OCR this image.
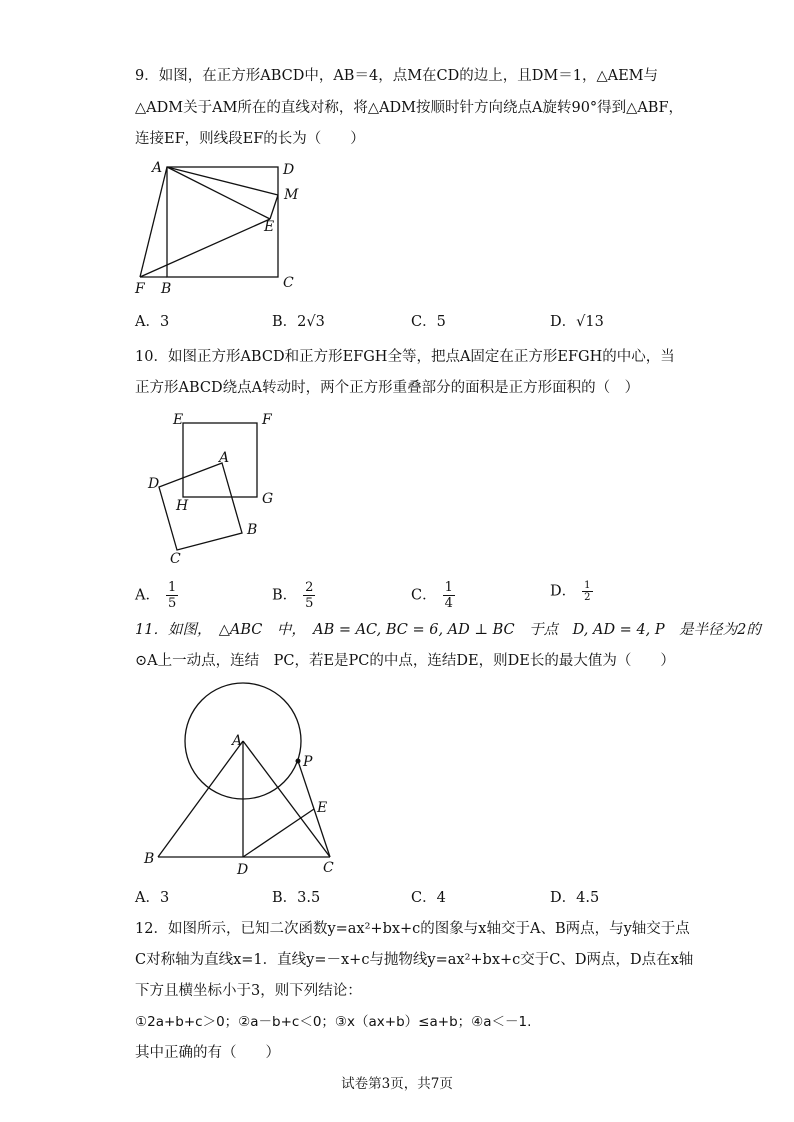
9．如图，在正方形ABCD中，AB＝4，点M在CD的边上，且DM＝1，△AEM与
△ADM关于AM所在的直线对称，将△ADM按顺时针方向绕点A旋转90°得到△ABF，
连接EF，则线段EF的长为（　　）
A	D
M
E
F B	C
A．3	B．2√3	C．5	D．√13
10．如图正方形ABCD和正方形EFGH全等，把点A固定在正方形EFGH的中心，当
正方形ABCD绕点A转动时，两个正方形重叠部分的面积是正方形面积的（　）
E	F
A
D
H	G
B
C
A． $\frac{1}{5}$	B． $\frac{2}{5}$	C． $\frac{1}{4}$	D． $\frac{1}{2}$
11．如图，　△ABC　中，　AB = AC, BC = 6, AD ⊥ BC　于点　D, AD = 4, P　是半径为2的
⊙A上一动点，连结　PC，若E是PC的中点，连结DE，则DE长的最大值为（　　）
A
P
E
B
D	C
A．3	B．3.5	C．4	D．4.5
12．如图所示，已知二次函数y=ax²+bx+c的图象与x轴交于A、B两点，与y轴交于点
C对称轴为直线x=1．直线y=－x+c与抛物线y=ax²+bx+c交于C、D两点，D点在x轴
下方且横坐标小于3，则下列结论：
①2a+b+c＞0；②a－b+c＜0；③x（ax+b）≤a+b；④a＜－1.
其中正确的有（　　）
试卷第3页，共7页
